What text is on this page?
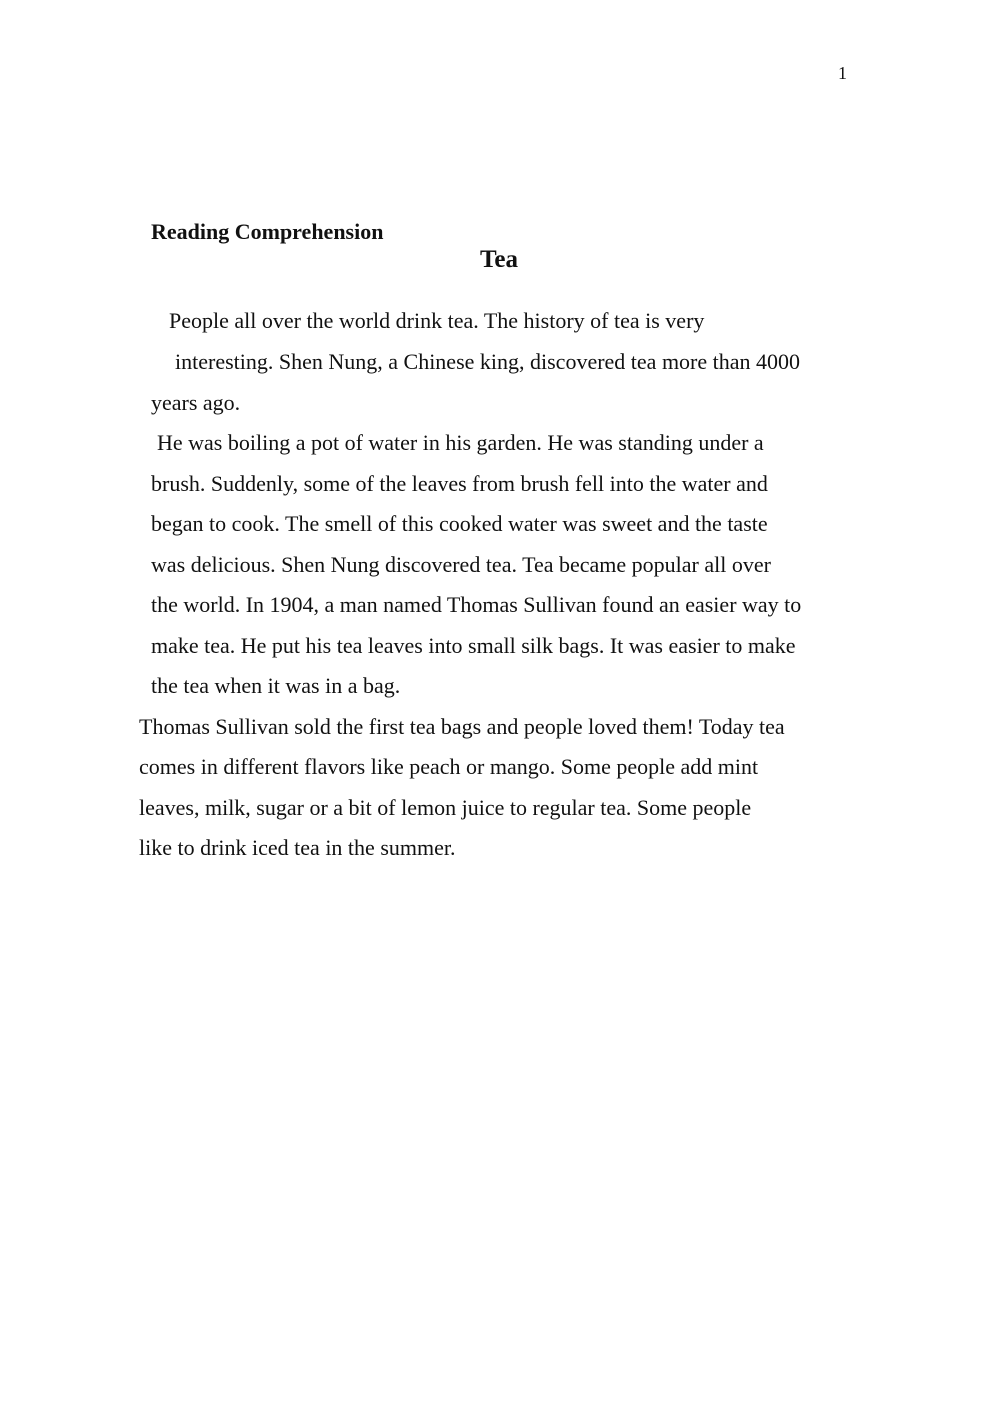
1
Reading Comprehension
Tea
People all over the world drink tea. The history of tea is very
interesting. Shen Nung, a Chinese king, discovered tea more than 4000
years ago.
He was boiling a pot of water in his garden. He was standing under a
brush. Suddenly, some of the leaves from brush fell into the water and
began to cook. The smell of this cooked water was sweet and the taste
was delicious. Shen Nung discovered tea. Tea became popular all over
the world. In 1904, a man named Thomas Sullivan found an easier way to
make tea. He put his tea leaves into small silk bags. It was easier to make
the tea when it was in a bag.
Thomas Sullivan sold the first tea bags and people loved them! Today tea
comes in different flavors like peach or mango. Some people add mint
leaves, milk, sugar or a bit of lemon juice to regular tea. Some people
like to drink iced tea in the summer.
